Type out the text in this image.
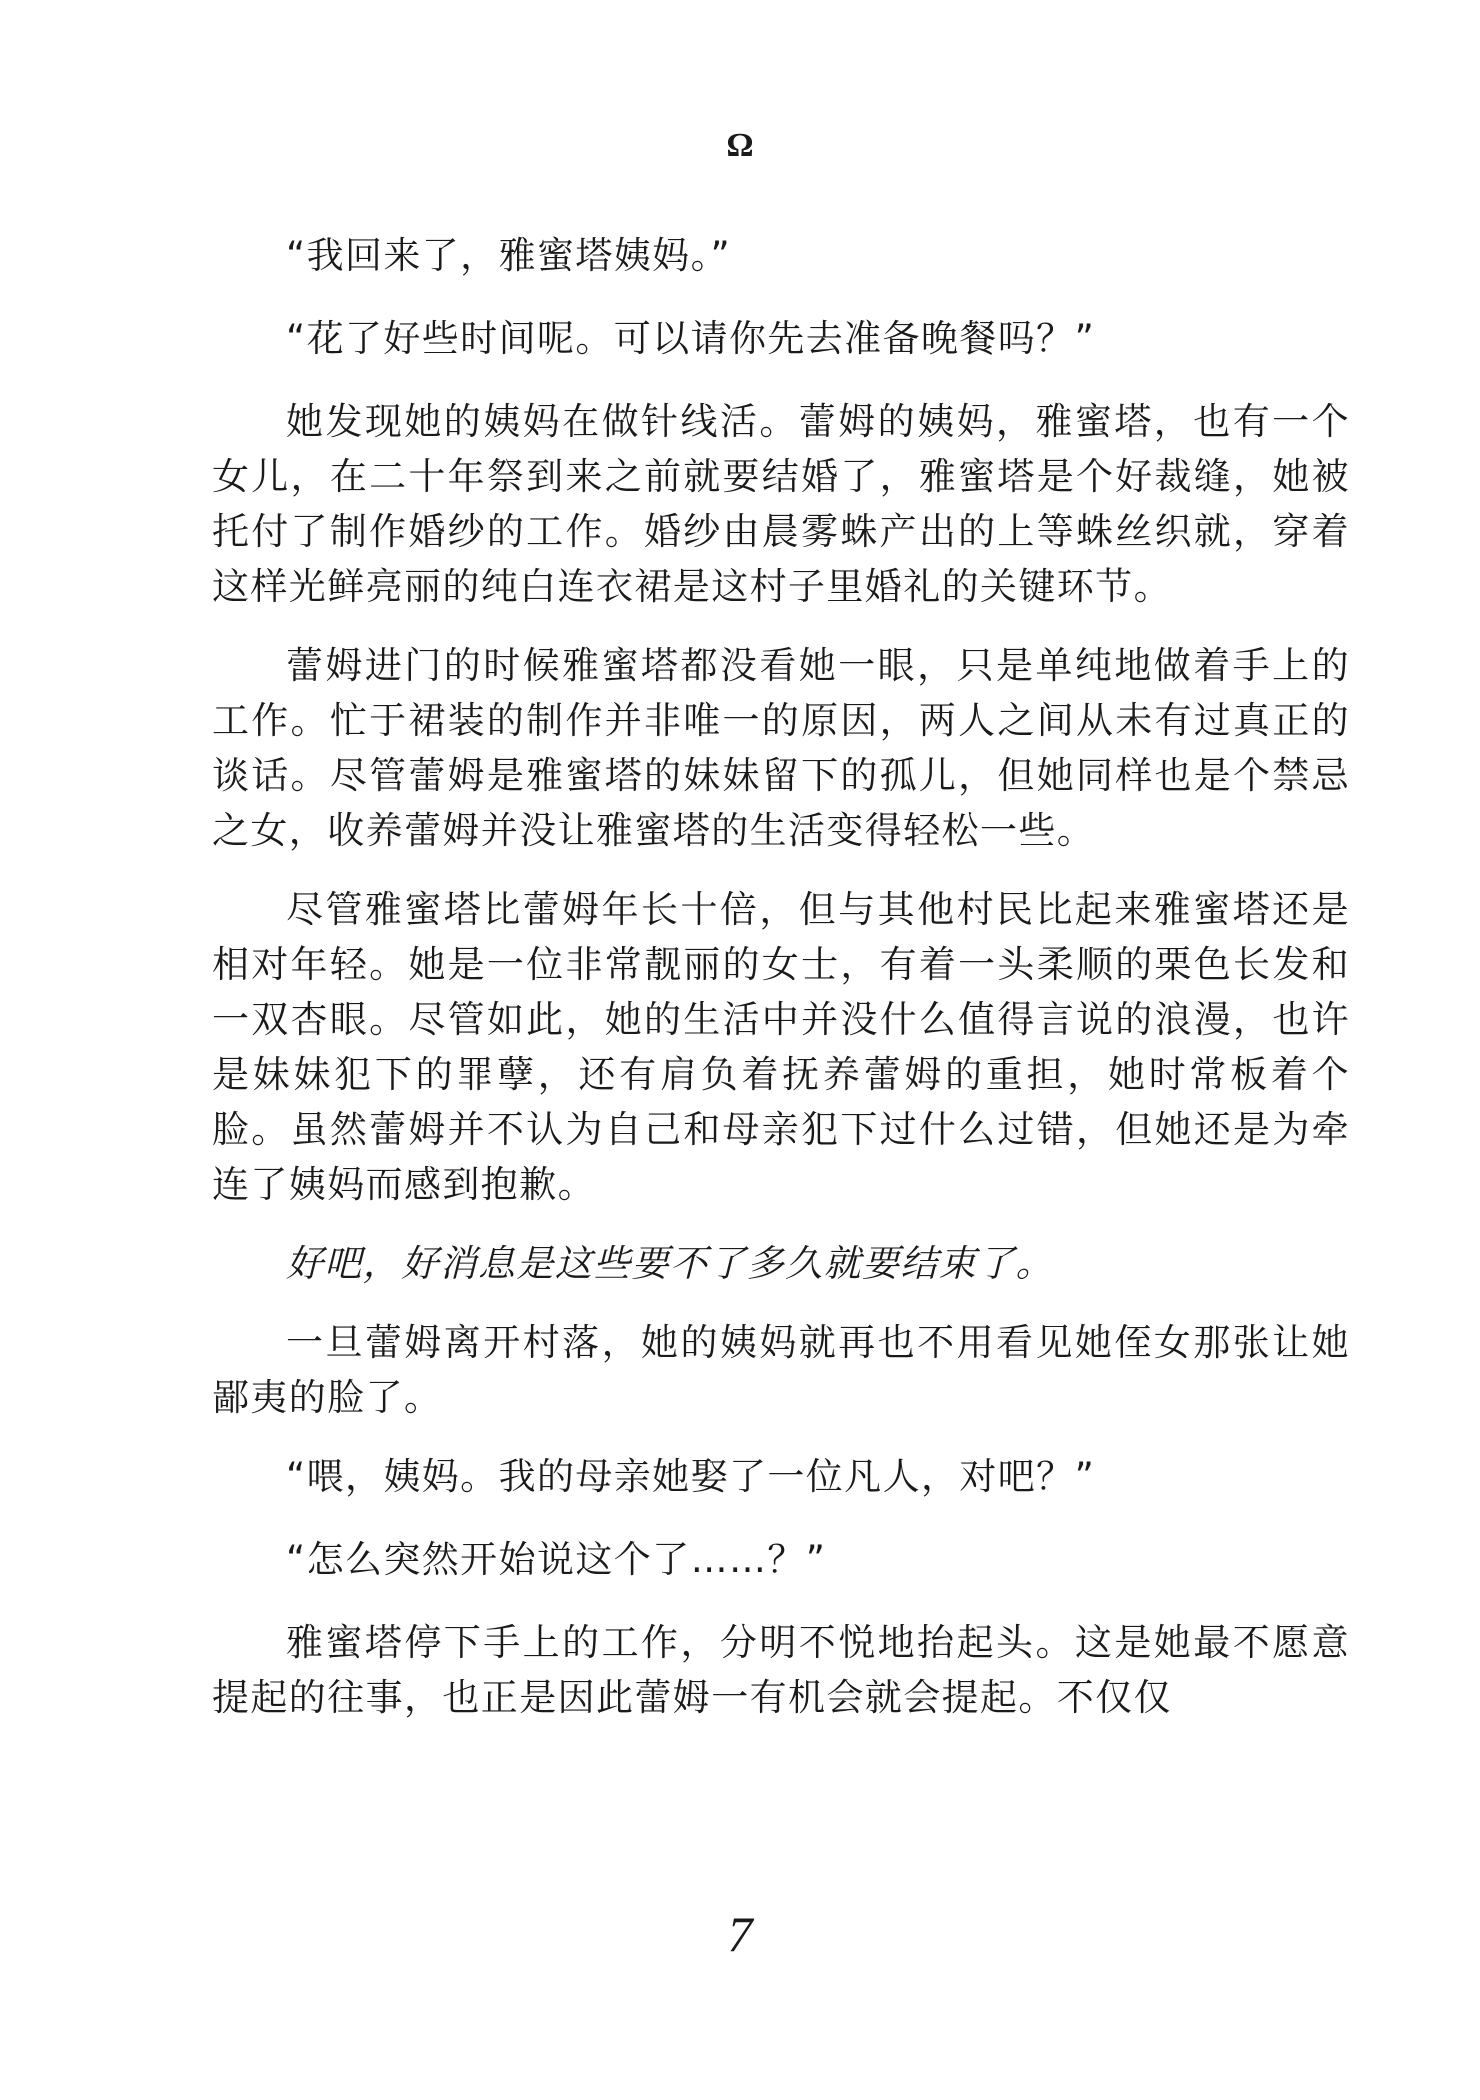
Ω

“我回来了，雅蜜塔姨妈。”

“花了好些时间呢。可以请你先去准备晚餐吗？”

她发现她的姨妈在做针线活。蕾姆的姨妈，雅蜜塔，也有一个女儿，在二十年祭到来之前就要结婚了，雅蜜塔是个好裁缝，她被托付了制作婚纱的工作。婚纱由晨雾蛛产出的上等蛛丝织就，穿着这样光鲜亮丽的纯白连衣裙是这村子里婚礼的关键环节。

蕾姆进门的时候雅蜜塔都没看她一眼，只是单纯地做着手上的工作。忙于裙装的制作并非唯一的原因，两人之间从未有过真正的谈话。尽管蕾姆是雅蜜塔的妹妹留下的孤儿，但她同样也是个禁忌之女，收养蕾姆并没让雅蜜塔的生活变得轻松一些。

尽管雅蜜塔比蕾姆年长十倍，但与其他村民比起来雅蜜塔还是相对年轻。她是一位非常靓丽的女士，有着一头柔顺的栗色长发和一双杏眼。尽管如此，她的生活中并没什么值得言说的浪漫，也许是妹妹犯下的罪孽，还有肩负着抚养蕾姆的重担，她时常板着个脸。虽然蕾姆并不认为自己和母亲犯下过什么过错，但她还是为牵连了姨妈而感到抱歉。

好吧，好消息是这些要不了多久就要结束了。

一旦蕾姆离开村落，她的姨妈就再也不用看见她侄女那张让她鄙夷的脸了。

“喂，姨妈。我的母亲她娶了一位凡人，对吧？”

“怎么突然开始说这个了……？”

雅蜜塔停下手上的工作，分明不悦地抬起头。这是她最不愿意提起的往事，也正是因此蕾姆一有机会就会提起。不仅仅

7
